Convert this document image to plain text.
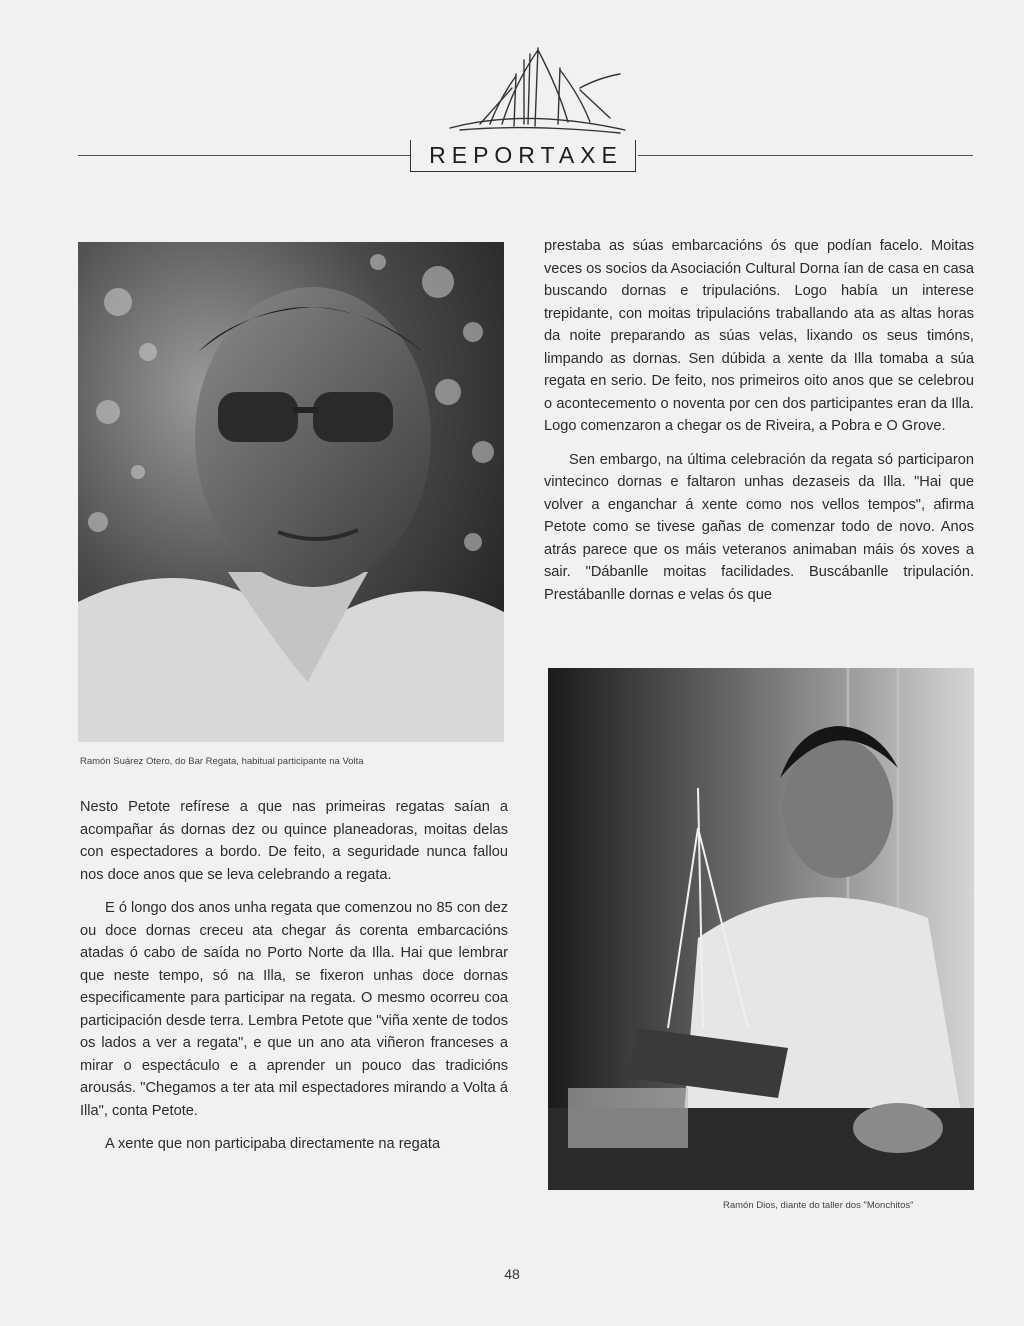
REPORTAXE
Ramón Suárez Otero, do Bar Regata, habitual participante na Volta
Ramón Dios, diante do taller dos "Monchitos"

prestaba as súas embarcacións ós que podían facelo. Moitas veces os socios da Asociación Cultural Dorna ían de casa en casa buscando dornas e tripulacións. Logo había un interese trepidante, con moitas tripulacións traballando ata as altas horas da noite preparando as súas velas, lixando os seus timóns, limpando as dornas. Sen dúbida a xente da Illa tomaba a súa regata en serio. De feito, nos primeiros oito anos que se celebrou o acontecemento o noventa por cen dos participantes eran da Illa. Logo comenzaron a chegar os de Riveira, a Pobra e O Grove.

Sen embargo, na última celebración da regata só participaron vintecinco dornas e faltaron unhas dezaseis da Illa. "Hai que volver a enganchar á xente como nos vellos tempos", afirma Petote como se tivese gañas de comenzar todo de novo. Anos atrás parece que os máis veteranos animaban máis ós xoves a sair. "Dábanlle moitas facilidades. Buscábanlle tripulación. Prestábanlle dornas e velas ós que

Nesto Petote refírese a que nas primeiras regatas saían a acompañar ás dornas dez ou quince planeadoras, moitas delas con espectadores a bordo. De feito, a seguridade nunca fallou nos doce anos que se leva celebrando a regata.

E ó longo dos anos unha regata que comenzou no 85 con dez ou doce dornas creceu ata chegar ás corenta embarcacións atadas ó cabo de saída no Porto Norte da Illa. Hai que lembrar que neste tempo, só na Illa, se fixeron unhas doce dornas especificamente para participar na regata. O mesmo ocorreu coa participación desde terra. Lembra Petote que "viña xente de todos os lados a ver a regata", e que un ano ata viñeron franceses a mirar o espectáculo e a aprender un pouco das tradicións arousás. "Chegamos a ter ata mil espectadores mirando a Volta á Illa", conta Petote.

A xente que non participaba directamente na regata

48
